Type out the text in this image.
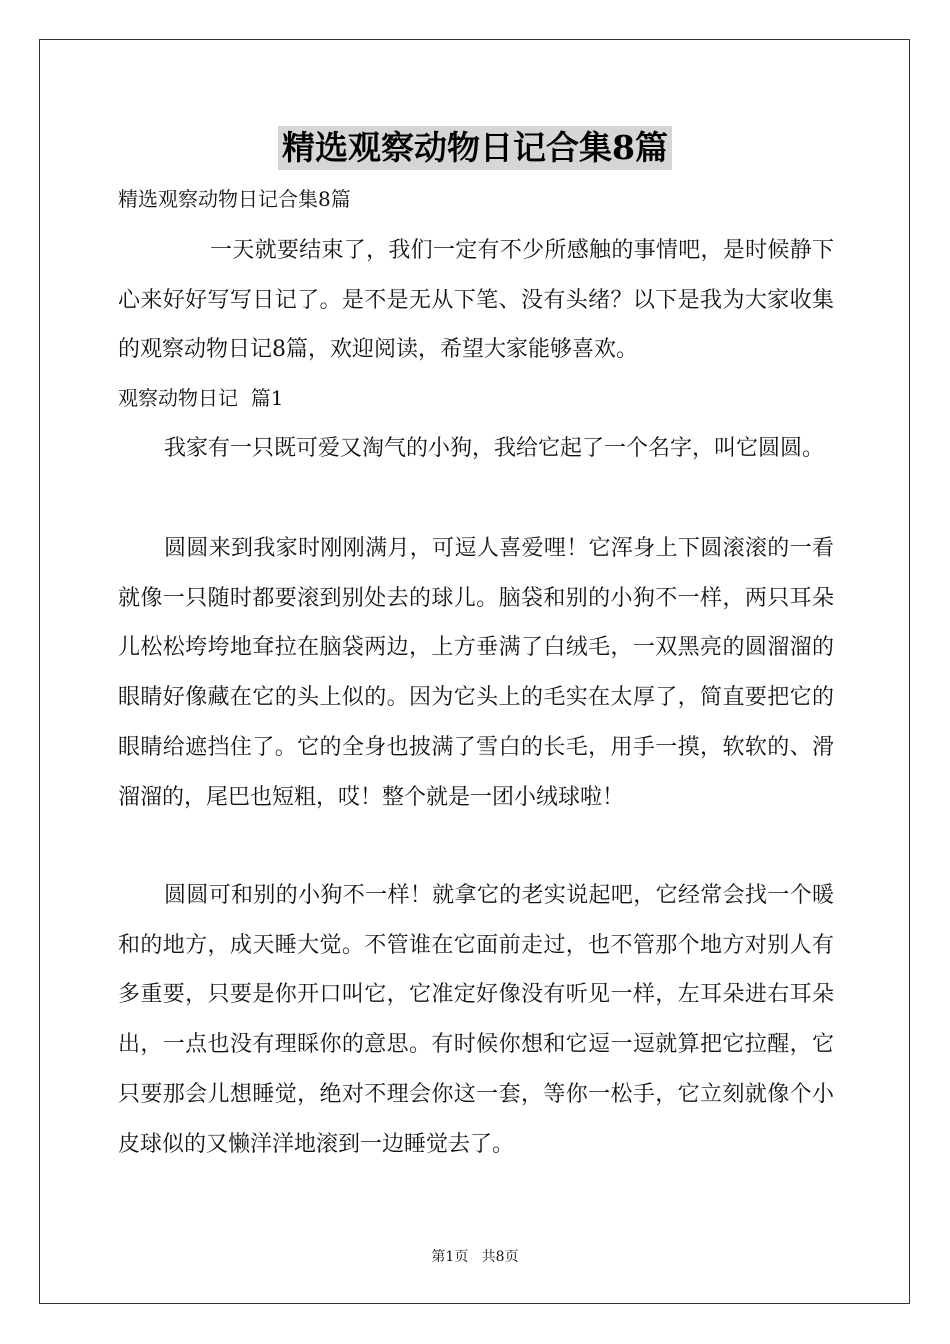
精选观察动物日记合集8篇

精选观察动物日记合集8篇

一天就要结束了，我们一定有不少所感触的事情吧，是时候静下心来好好写写日记了。是不是无从下笔、没有头绪？以下是我为大家收集的观察动物日记8篇，欢迎阅读，希望大家能够喜欢。

观察动物日记  篇1

我家有一只既可爱又淘气的小狗，我给它起了一个名字，叫它圆圆。

圆圆来到我家时刚刚满月，可逗人喜爱哩！它浑身上下圆滚滚的一看就像一只随时都要滚到别处去的球儿。脑袋和别的小狗不一样，两只耳朵儿松松垮垮地耷拉在脑袋两边，上方垂满了白绒毛，一双黑亮的圆溜溜的眼睛好像藏在它的头上似的。因为它头上的毛实在太厚了，简直要把它的眼睛给遮挡住了。它的全身也披满了雪白的长毛，用手一摸，软软的、滑溜溜的，尾巴也短粗，哎！整个就是一团小绒球啦！

圆圆可和别的小狗不一样！就拿它的老实说起吧，它经常会找一个暖和的地方，成天睡大觉。不管谁在它面前走过，也不管那个地方对别人有多重要，只要是你开口叫它，它准定好像没有听见一样，左耳朵进右耳朵出，一点也没有理睬你的意思。有时候你想和它逗一逗就算把它拉醒，它只要那会儿想睡觉，绝对不理会你这一套，等你一松手，它立刻就像个小皮球似的又懒洋洋地滚到一边睡觉去了。

第1页   共8页
